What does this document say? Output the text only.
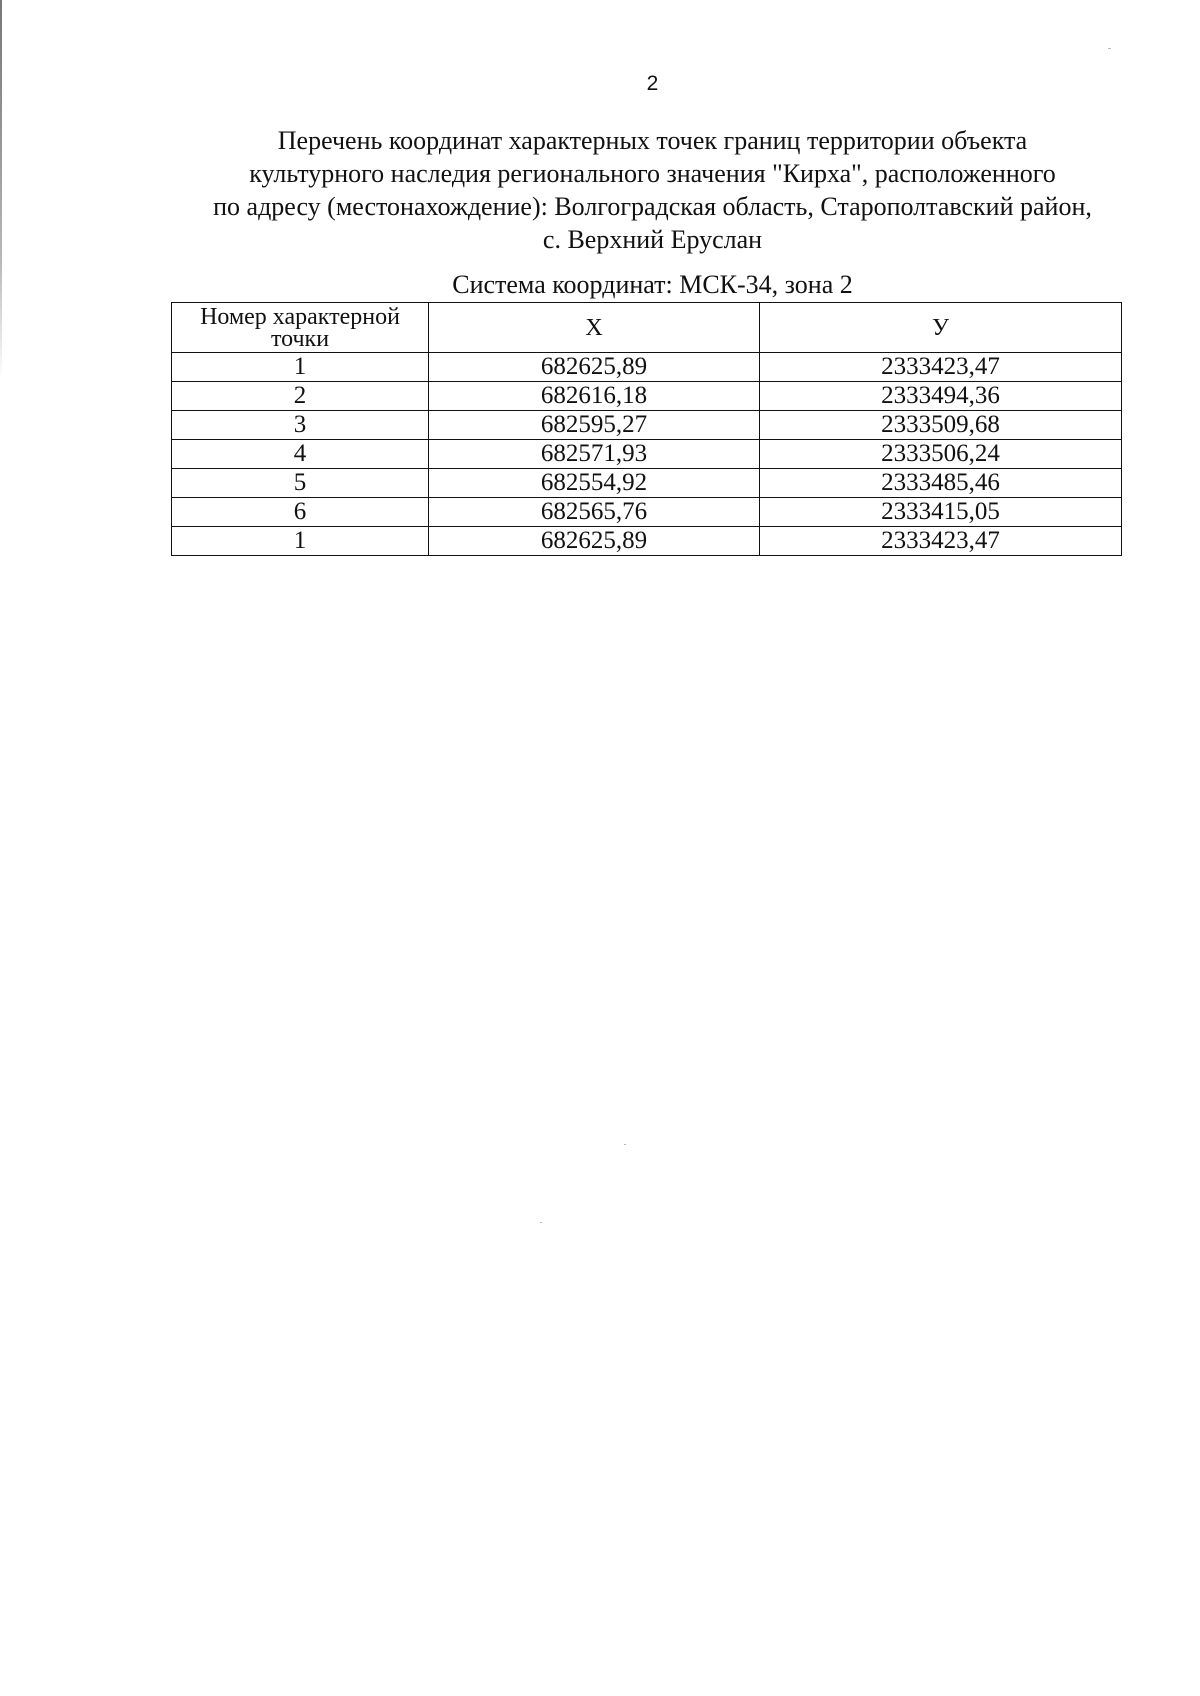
2
Перечень координат характерных точек границ территории объекта
культурного наследия регионального значения "Кирха", расположенного
по адресу (местонахождение): Волгоградская область, Старополтавский район,
с. Верхний Еруслан
Система координат: МСК-34, зона 2
Номер характерной точки	Х	У
1	682625,89	2333423,47
2	682616,18	2333494,36
3	682595,27	2333509,68
4	682571,93	2333506,24
5	682554,92	2333485,46
6	682565,76	2333415,05
1	682625,89	2333423,47
